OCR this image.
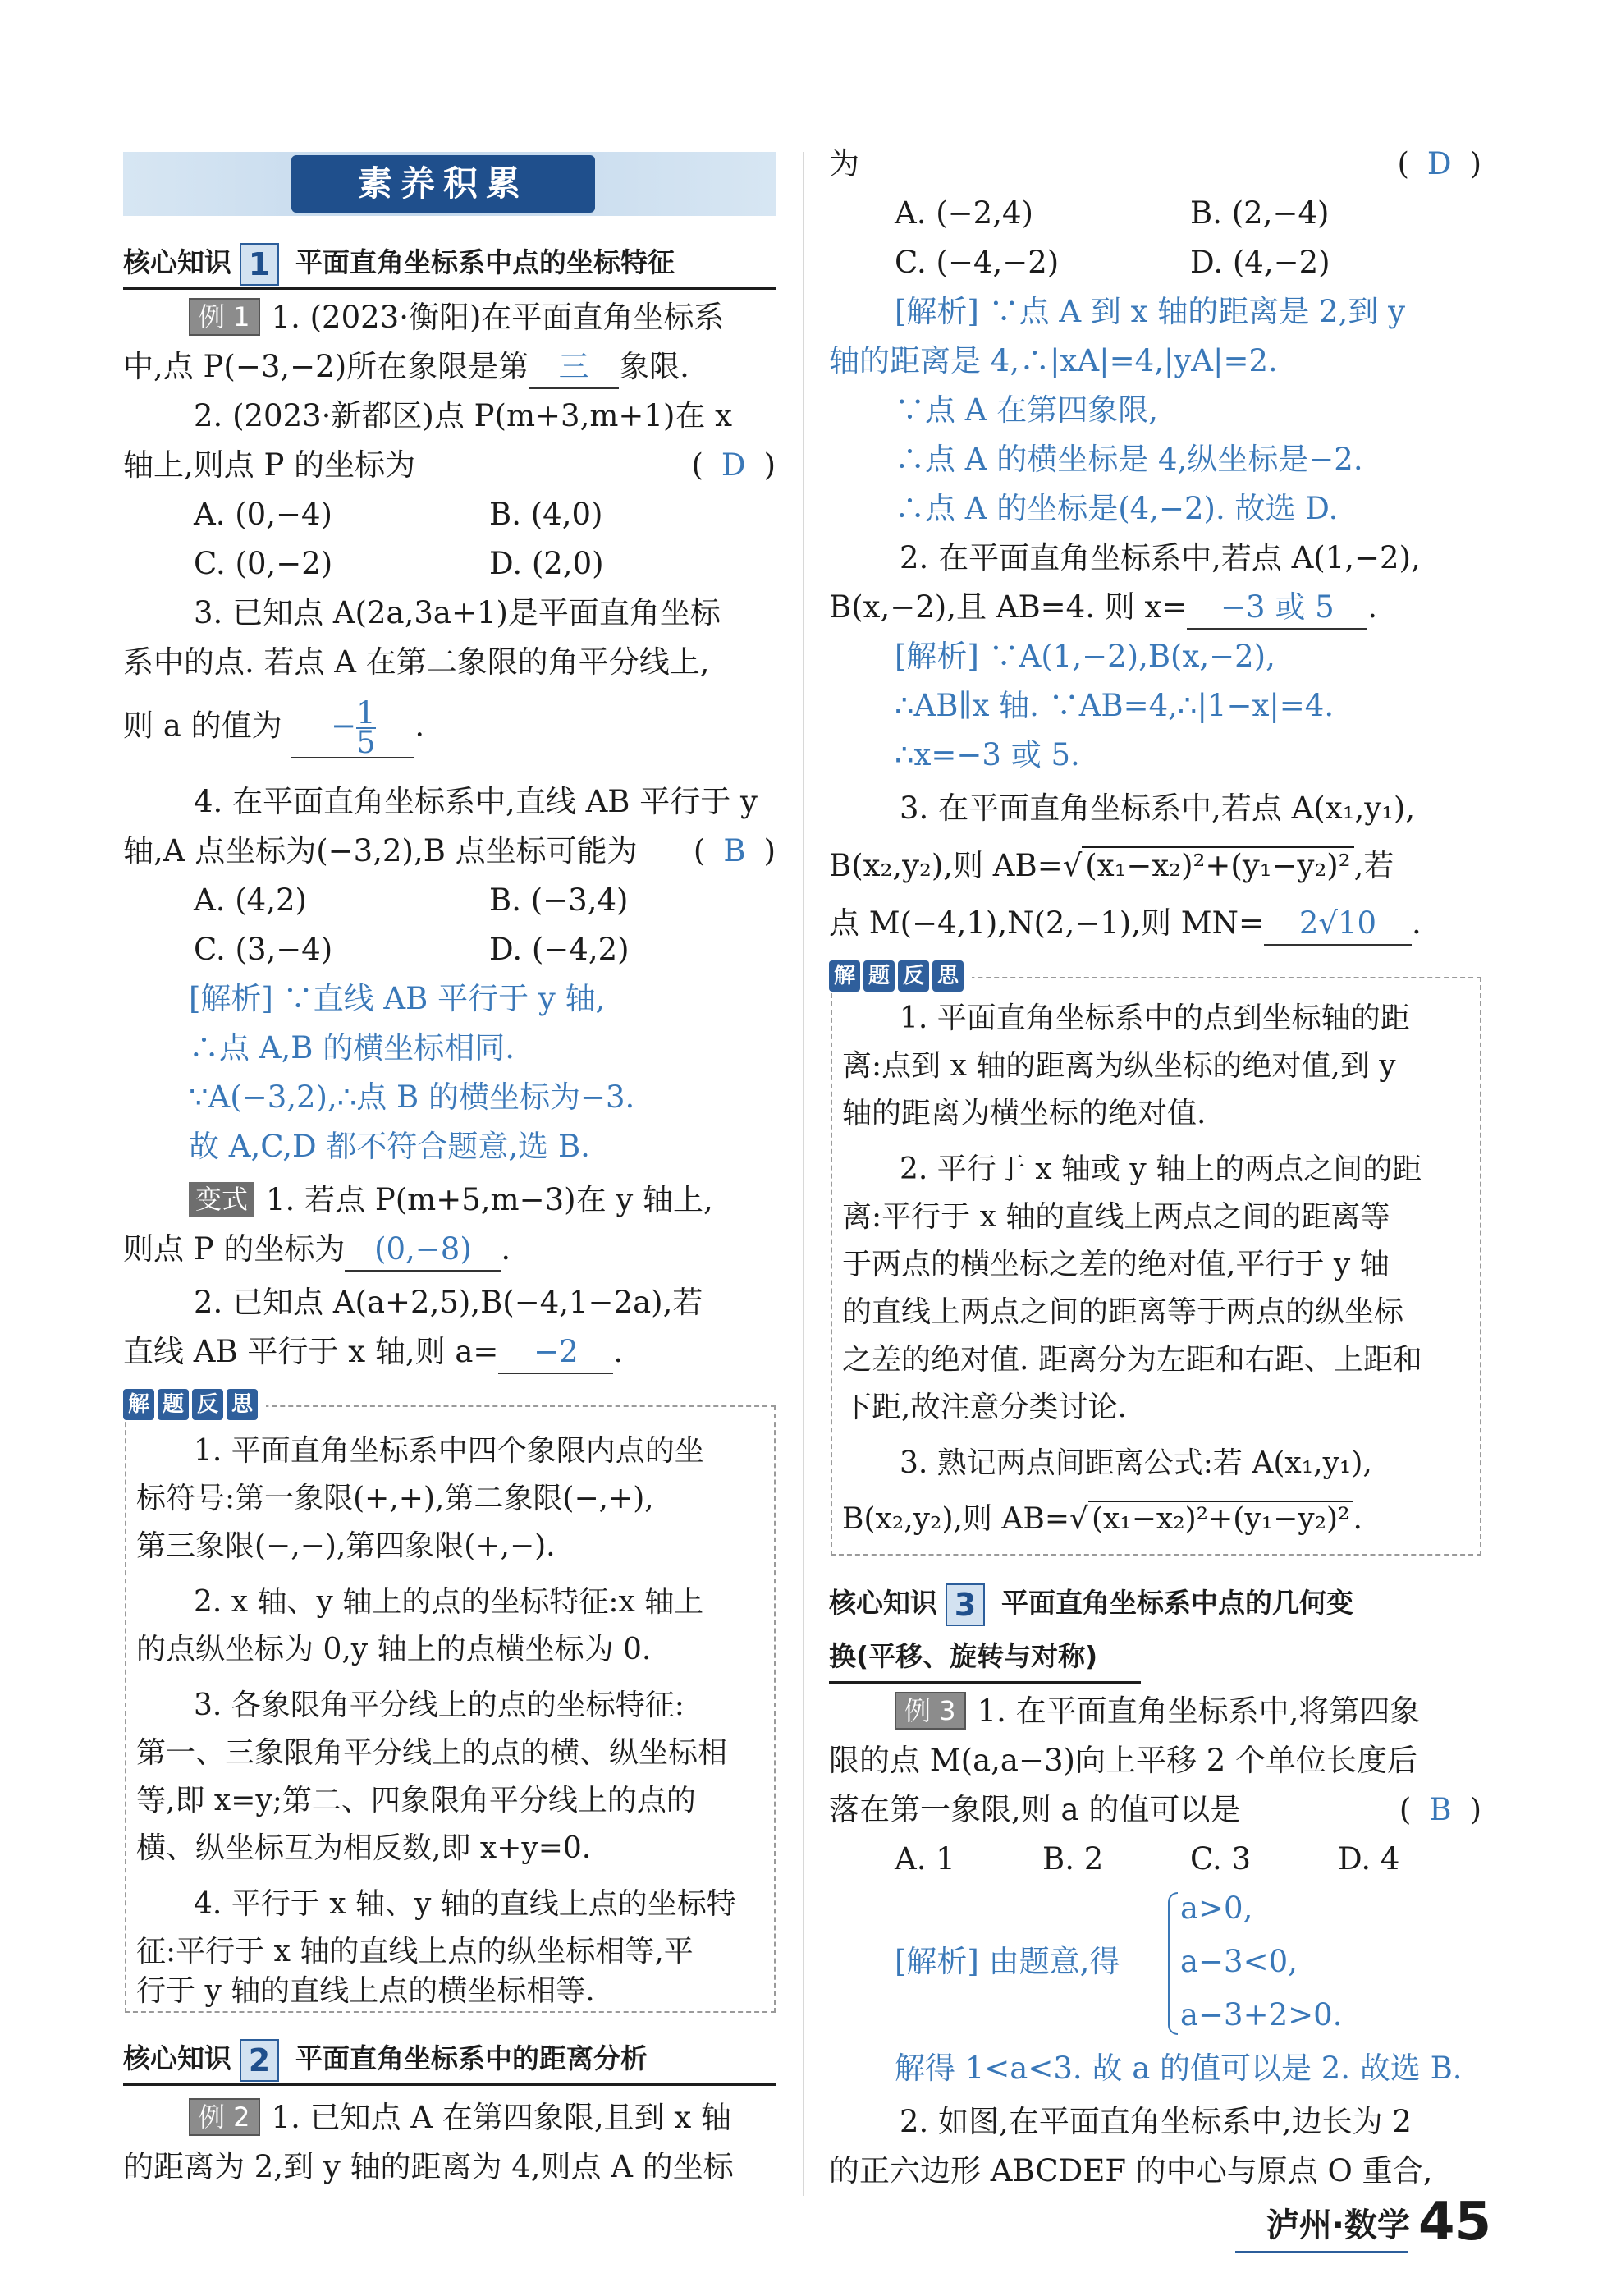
素养积累
核心知识 1 平面直角坐标系中点的坐标特征
例 1 1. (2023·衡阳)在平面直角坐标系
中,点 P(−3,−2)所在象限是第 三 象限.
2. (2023·新都区)点 P(m+3,m+1)在 x
轴上,则点 P 的坐标为	( D )
A. (0,−4)	B. (4,0)
C. (0,−2)	D. (2,0)
3. 已知点 A(2a,3a+1)是平面直角坐标
系中的点. 若点 A 在第二象限的角平分线上,
则 a 的值为 − $\frac{1}{5}$ .
4. 在平面直角坐标系中,直线 AB 平行于 y
轴,A 点坐标为(−3,2),B 点坐标可能为 ( B )
A. (4,2)	B. (−3,4)
C. (3,−4)	D. (−4,2)
[解析] ∵直线 AB 平行于 y 轴,
∴点 A,B 的横坐标相同.
∵A(−3,2),∴点 B 的横坐标为−3.
故 A,C,D 都不符合题意,选 B.
变式 1. 若点 P(m+5,m−3)在 y 轴上,
则点 P 的坐标为 (0,−8) .
2. 已知点 A(a+2,5),B(−4,1−2a),若
直线 AB 平行于 x 轴,则 a= −2 .
解 题 反 思
1. 平面直角坐标系中四个象限内点的坐
标符号:第一象限(+,+),第二象限(−,+),
第三象限(−,−),第四象限(+,−).
2. x 轴、y 轴上的点的坐标特征:x 轴上
的点纵坐标为 0,y 轴上的点横坐标为 0.
3. 各象限角平分线上的点的坐标特征:
第一、三象限角平分线上的点的横、纵坐标相
等,即 x=y;第二、四象限角平分线上的点的
横、纵坐标互为相反数,即 x+y=0.
4. 平行于 x 轴、y 轴的直线上点的坐标特
征:平行于 x 轴的直线上点的纵坐标相等,平
行于 y 轴的直线上点的横坐标相等.
核心知识 2 平面直角坐标系中的距离分析
例 2 1. 已知点 A 在第四象限,且到 x 轴
的距离为 2,到 y 轴的距离为 4,则点 A 的坐标
为	( D )
A. (−2,4)	B. (2,−4)
C. (−4,−2)	D. (4,−2)
[解析] ∵点 A 到 x 轴的距离是 2,到 y
轴的距离是 4,∴|xA|=4,|yA|=2.
∵点 A 在第四象限,
∴点 A 的横坐标是 4,纵坐标是−2.
∴点 A 的坐标是(4,−2). 故选 D.
2. 在平面直角坐标系中,若点 A(1,−2),
B(x,−2),且 AB=4. 则 x= −3 或 5 .
[解析] ∵A(1,−2),B(x,−2),
∴AB∥x 轴. ∵AB=4,∴|1−x|=4.
∴x=−3 或 5.
3. 在平面直角坐标系中,若点 A(x₁,y₁),
B(x₂,y₂),则 AB=√ (x₁−x₂)²+(y₁−y₂)² ,若
点 M(−4,1),N(2,−1),则 MN= 2√10 .
解 题 反 思
1. 平面直角坐标系中的点到坐标轴的距
离:点到 x 轴的距离为纵坐标的绝对值,到 y
轴的距离为横坐标的绝对值.
2. 平行于 x 轴或 y 轴上的两点之间的距
离:平行于 x 轴的直线上两点之间的距离等
于两点的横坐标之差的绝对值,平行于 y 轴
的直线上两点之间的距离等于两点的纵坐标
之差的绝对值. 距离分为左距和右距、上距和
下距,故注意分类讨论.
3. 熟记两点间距离公式:若 A(x₁,y₁),
B(x₂,y₂),则 AB=√ (x₁−x₂)²+(y₁−y₂)² .
核心知识 3 平面直角坐标系中点的几何变
换(平移、旋转与对称)
例 3 1. 在平面直角坐标系中,将第四象
限的点 M(a,a−3)向上平移 2 个单位长度后
落在第一象限,则 a 的值可以是	( B )
A. 1	B. 2	C. 3	D. 4
[解析] 由题意,得
a>0,
a−3<0,
a−3+2>0.
解得 1<a<3. 故 a 的值可以是 2. 故选 B.
2. 如图,在平面直角坐标系中,边长为 2
的正六边形 ABCDEF 的中心与原点 O 重合,
泸州·数学 45
